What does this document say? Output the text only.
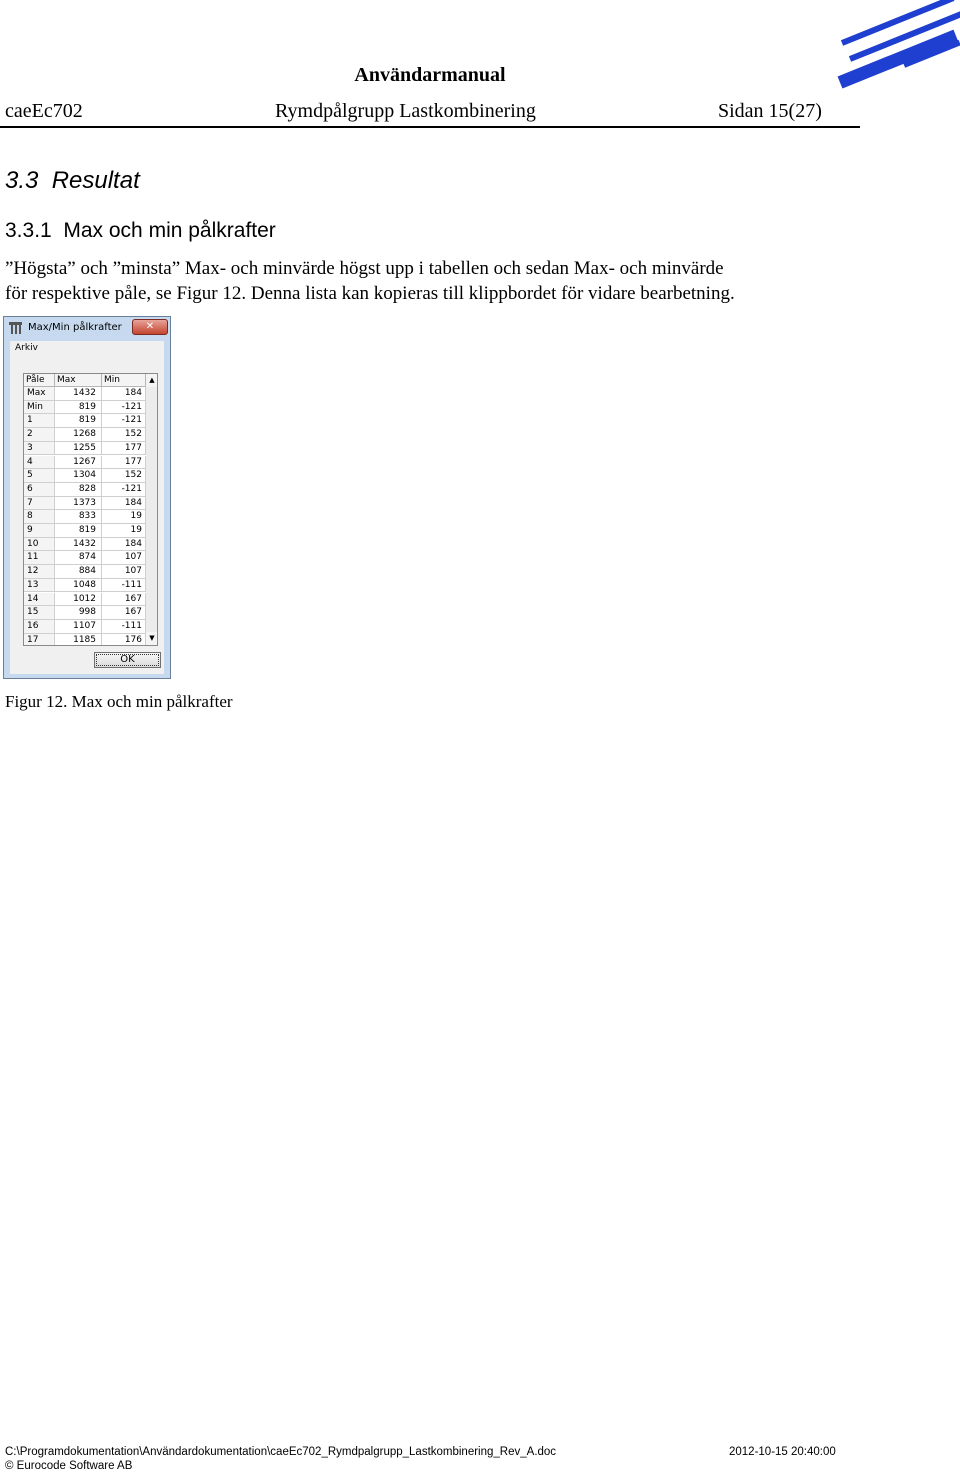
Användarmanual
caeEc702	Rymdpålgrupp Lastkombinering	Sidan 15(27)
3.3  Resultat
3.3.1  Max och min pålkrafter
”Högsta” och ”minsta” Max- och minvärde högst upp i tabellen och sedan Max- och minvärde
för respektive påle, se Figur 12. Denna lista kan kopieras till klippbordet för vidare bearbetning.
Max/Min pålkrafter	✕
Arkiv
Påle	Max	Min
Max	1432	184
Min	819	-121
1	819	-121
2	1268	152
3	1255	177
4	1267	177
5	1304	152
6	828	-121
7	1373	184
8	833	19
9	819	19
10	1432	184
11	874	107
12	884	107
13	1048	-111
14	1012	167
15	998	167
16	1107	-111
17	1185	176
▲
▼
OK
Figur 12. Max och min pålkrafter
C:\Programdokumentation\Användardokumentation\caeEc702_Rymdpalgrupp_Lastkombinering_Rev_A.doc	2012-10-15 20:40:00
© Eurocode Software AB
